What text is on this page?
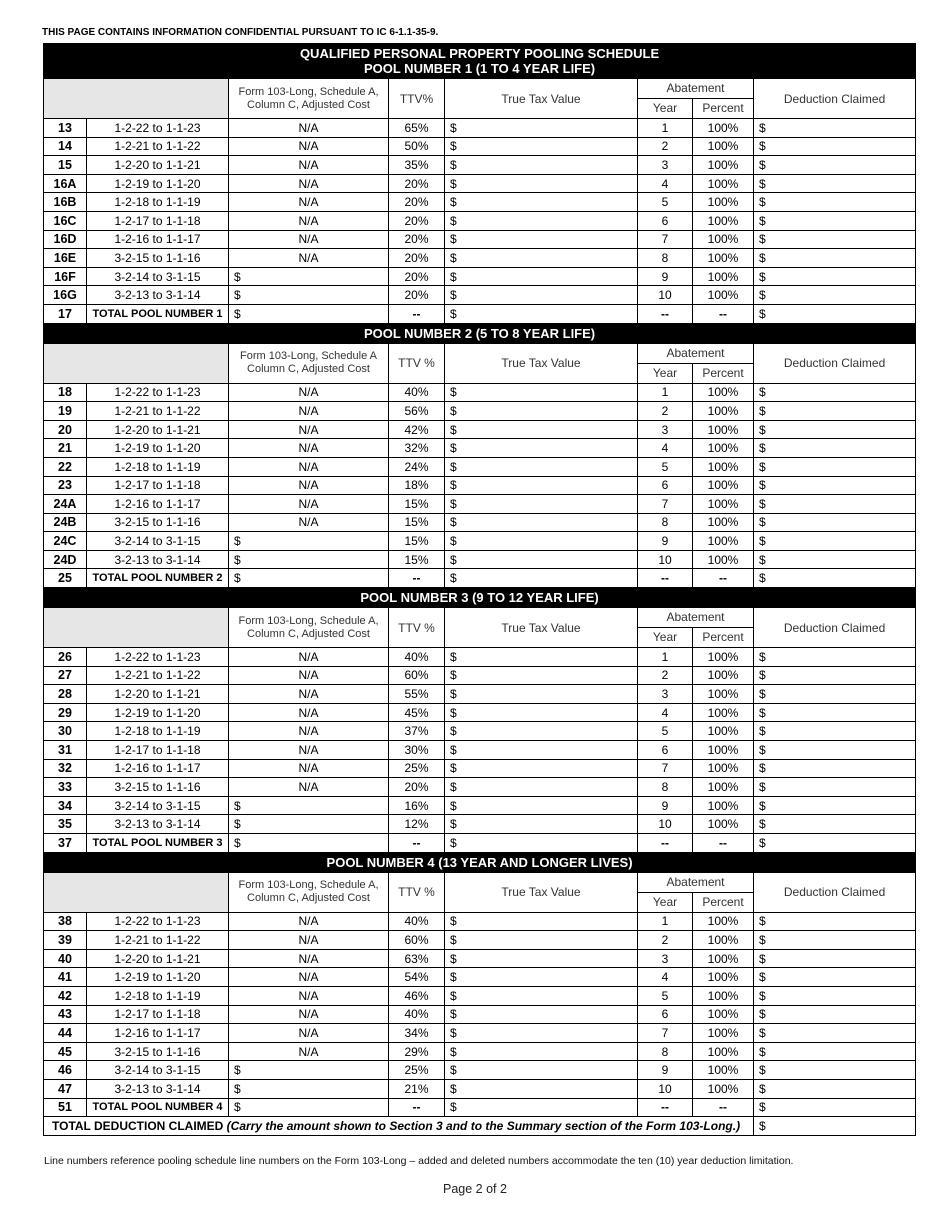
THIS PAGE CONTAINS INFORMATION CONFIDENTIAL PURSUANT TO IC 6-1.1-35-9.
QUALIFIED PERSONAL PROPERTY POOLING SCHEDULE
POOL NUMBER 1 (1 TO 4 YEAR LIFE)							

		Form 103-Long, Schedule A, Column C, Adjusted Cost	TTV%	True Tax Value	Abatement		Deduction Claimed
					Year	Percent	
13	1-2-22 to 1-1-23	N/A	65%	$	1	100%	$
14	1-2-21 to 1-1-22	N/A	50%	$	2	100%	$
15	1-2-20 to 1-1-21	N/A	35%	$	3	100%	$
16A	1-2-19 to 1-1-20	N/A	20%	$	4	100%	$
16B	1-2-18 to 1-1-19	N/A	20%	$	5	100%	$
16C	1-2-17 to 1-1-18	N/A	20%	$	6	100%	$
16D	1-2-16 to 1-1-17	N/A	20%	$	7	100%	$
16E	3-2-15 to 1-1-16	N/A	20%	$	8	100%	$
16F	3-2-14 to 3-1-15	$	20%	$	9	100%	$
16G	3-2-13 to 3-1-14	$	20%	$	10	100%	$
17	TOTAL POOL NUMBER 1	$	--	$	--	--	$

POOL NUMBER 2 (5 TO 8 YEAR LIFE)							

		Form 103-Long, Schedule A Column C, Adjusted Cost	TTV %	True Tax Value	Abatement		Deduction Claimed
					Year	Percent	
18	1-2-22 to 1-1-23	N/A	40%	$	1	100%	$
19	1-2-21 to 1-1-22	N/A	56%	$	2	100%	$
20	1-2-20 to 1-1-21	N/A	42%	$	3	100%	$
21	1-2-19 to 1-1-20	N/A	32%	$	4	100%	$
22	1-2-18 to 1-1-19	N/A	24%	$	5	100%	$
23	1-2-17 to 1-1-18	N/A	18%	$	6	100%	$
24A	1-2-16 to 1-1-17	N/A	15%	$	7	100%	$
24B	3-2-15 to 1-1-16	N/A	15%	$	8	100%	$
24C	3-2-14 to 3-1-15	$	15%	$	9	100%	$
24D	3-2-13 to 3-1-14	$	15%	$	10	100%	$
25	TOTAL POOL NUMBER 2	$	--	$	--	--	$

POOL NUMBER 3 (9 TO 12 YEAR LIFE)							

		Form 103-Long, Schedule A, Column C, Adjusted Cost	TTV %	True Tax Value	Abatement		Deduction Claimed
					Year	Percent	
26	1-2-22 to 1-1-23	N/A	40%	$	1	100%	$
27	1-2-21 to 1-1-22	N/A	60%	$	2	100%	$
28	1-2-20 to 1-1-21	N/A	55%	$	3	100%	$
29	1-2-19 to 1-1-20	N/A	45%	$	4	100%	$
30	1-2-18 to 1-1-19	N/A	37%	$	5	100%	$
31	1-2-17 to 1-1-18	N/A	30%	$	6	100%	$
32	1-2-16 to 1-1-17	N/A	25%	$	7	100%	$
33	3-2-15 to 1-1-16	N/A	20%	$	8	100%	$
34	3-2-14 to 3-1-15	$	16%	$	9	100%	$
35	3-2-13 to 3-1-14	$	12%	$	10	100%	$
37	TOTAL POOL NUMBER 3	$	--	$	--	--	$

POOL NUMBER 4 (13 YEAR AND LONGER LIVES)							

		Form 103-Long, Schedule A, Column C, Adjusted Cost	TTV %	True Tax Value	Abatement		Deduction Claimed
					Year	Percent	
38	1-2-22 to 1-1-23	N/A	40%	$	1	100%	$
39	1-2-21 to 1-1-22	N/A	60%	$	2	100%	$
40	1-2-20 to 1-1-21	N/A	63%	$	3	100%	$
41	1-2-19 to 1-1-20	N/A	54%	$	4	100%	$
42	1-2-18 to 1-1-19	N/A	46%	$	5	100%	$
43	1-2-17 to 1-1-18	N/A	40%	$	6	100%	$
44	1-2-16 to 1-1-17	N/A	34%	$	7	100%	$
45	3-2-15 to 1-1-16	N/A	29%	$	8	100%	$
46	3-2-14 to 3-1-15	$	25%	$	9	100%	$
47	3-2-13 to 3-1-14	$	21%	$	10	100%	$
51	TOTAL POOL NUMBER 4	$	--	$	--	--	$
TOTAL DEDUCTION CLAIMED (Carry the amount shown to Section 3 and to the Summary section of the Form 103-Long.)							$
Line numbers reference pooling schedule line numbers on the Form 103-Long – added and deleted numbers accommodate the ten (10) year deduction limitation.
Page 2 of 2
